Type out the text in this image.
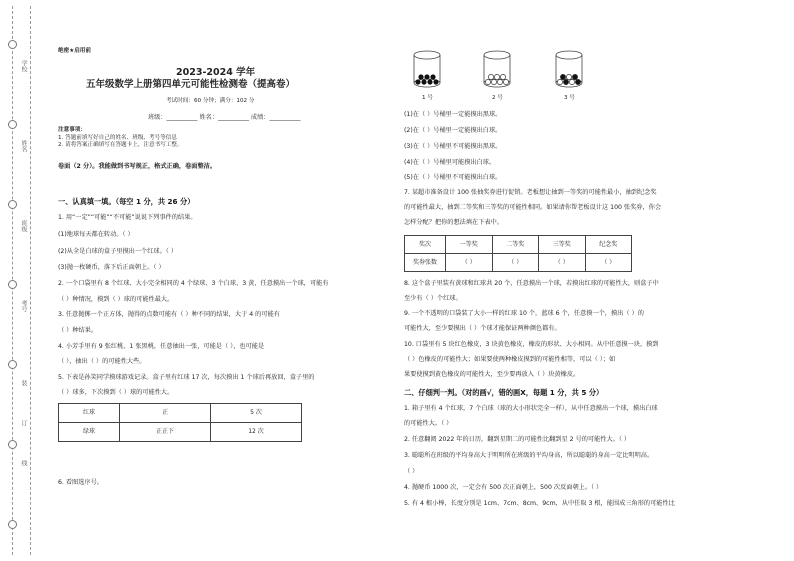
学校
姓名
班级
考号
装
订
线
绝密★启用前
2023-2024 学年
五年级数学上册第四单元可能性检测卷（提高卷）
考试时间：60 分钟；满分：102 分
班级：__________ 姓名：__________ 成绩：__________
注意事项：
1. 答题前填写好自己的姓名、班级、考号等信息
2. 请将答案正确填写在答题卡上，注意书写工整。
卷面（2 分）。我能做到书写规正，格式正确，卷面整洁。
一、认真填一填。（每空 1 分，共 26 分）
1. 用“一定”“可能”“不可能”说说下列事件的结果。
(1)地球每天都在转动。（ ）
(2)从全是白球的盒子里摸出一个红球。（ ）
(3)抛一枚硬币，落下后正面朝上。（ ）
2. 一个口袋里有 8 个红球、大小完全相同的 4 个绿球、3 个白球、3 黄，任意摸出一个球，可能有
（ ）种情况，摸到（ ）球的可能性最大。
3. 任意抛掷一个正方体，抛得的点数可能有（ ）种不同的结果，大于 4 的可能有
（ ）种结果。
4. 小芳手里有 9 张红桃、1 张黑桃，任意抽出一张，可能是（ ），也可能是
（ ），抽出（ ）的可能性大些。
5. 下表是孙笑同学摸球游戏记录。盒子里有红球 17 次，每次摸出 1 个球后再放回，盒子里的
（ ）球多，下次摸到（ ）球的可能性大。
红球	正	5 次
绿球	正正下	12 次
6. 看图选序号。
1 号	2 号	3 号
(1)在（ ）号桶里一定能摸出黑球。
(2)在（ ）号桶里一定能摸出白球。
(3)在（ ）号桶里不可能摸出黑球。
(4)在（ ）号桶里可能摸出白球。
(5)在（ ）号桶里不可能摸出白球。
7. 某超市准备设计 100 张抽奖券进行促销。老板想让抽到一等奖的可能性最小，抽到纪念奖
的可能性最大，抽到二等奖和三等奖的可能性相同。如果请你帮老板设计这 100 张奖券，你会
怎样分配？把你的想法填在下表中。
奖次	一等奖	二等奖	三等奖	纪念奖
奖券张数	（ ）	（ ）	（ ）	（ ）
8. 这个盒子里装有黄球和红球共 20 个，任意摸出一个球，若摸出红球的可能性大，则盒子中
至少有（ ）个红球。
9. 一个不透明的口袋装了大小一样的红球 10 个，蓝球 6 个，任意摸一个，摸出（ ）的
可能性大，至少要摸出（ ）个球才能保证两种颜色都有。
10. 口袋里有 5 块红色橡皮，3 块黄色橡皮，橡皮的形状、大小相同。从中任意摸一块，摸到
（ ）色橡皮的可能性大；如果要使两种橡皮摸到的可能性相等，可以（ ）；如
果要使摸到黄色橡皮的可能性大，至少要再放入（ ）块黄橡皮。
二、仔细判一判。（对的画√，错的画X，每题 1 分，共 5 分）
1. 箱子里有 4 个红球，7 个白球（球的大小形状完全一样），从中任意摸出一个球，摸出白球
的可能性大。（ ）
2. 任意翻阅 2022 年的日历，翻到星期二的可能性比翻到星 2 号的可能性大。（ ）
3. 聪聪所在班级的平均身高大于明明所在班级的平均身高，所以聪聪的身高一定比明明高。
（ ）
4. 抛硬币 1000 次，一定会有 500 次正面朝上，500 次反面朝上。（ ）
5. 有 4 根小棒，长度分别是 1cm、7cm、8cm、9cm，从中任取 3 根，能围成三角形的可能性比
